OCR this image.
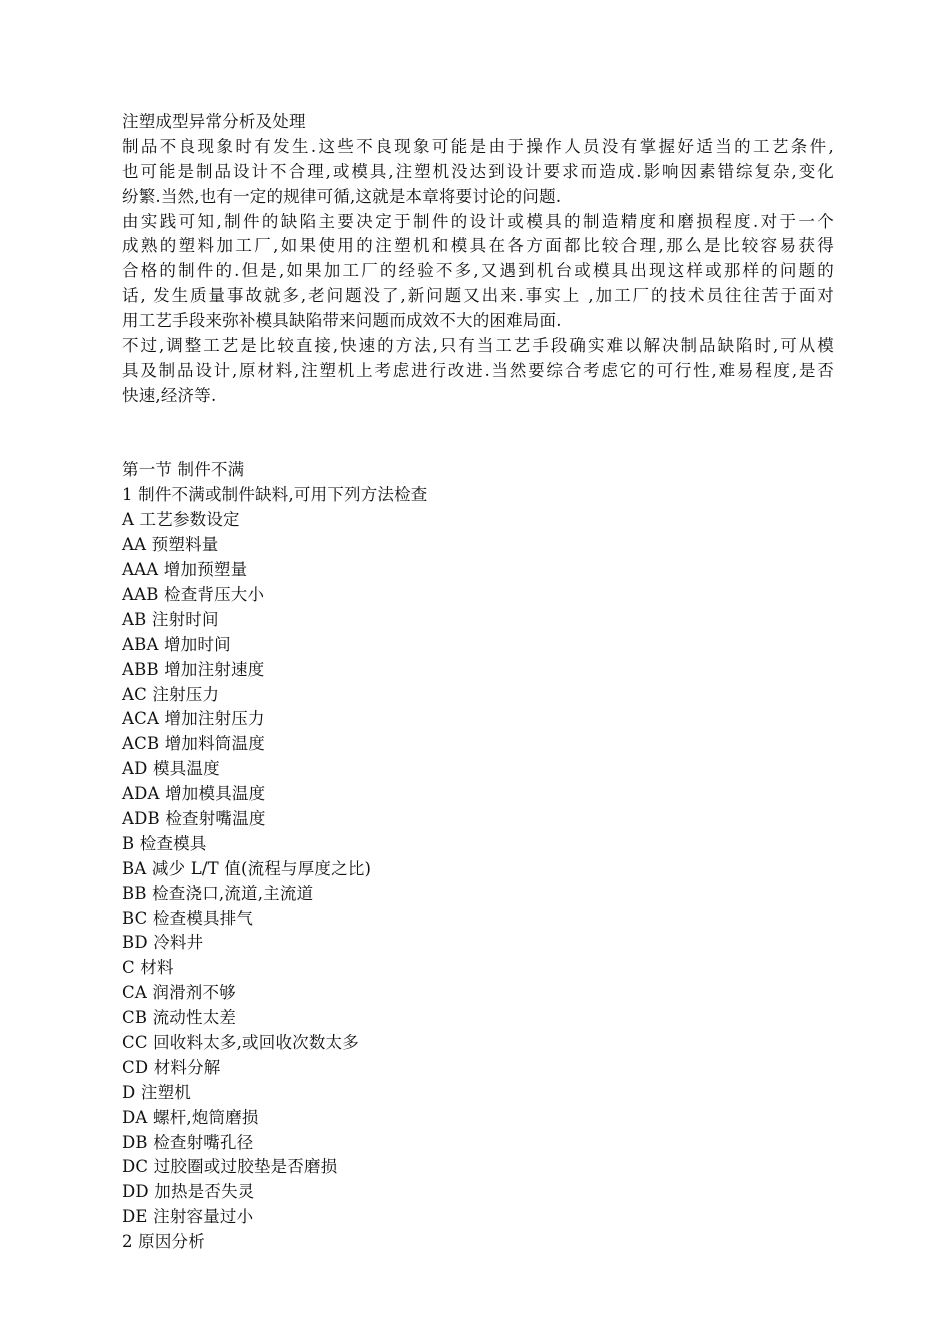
注塑成型异常分析及处理
制品不良现象时有发生.这些不良现象可能是由于操作人员没有掌握好适当的工艺条件,
也可能是制品设计不合理,或模具,注塑机没达到设计要求而造成.影响因素错综复杂,变化
纷繁.当然,也有一定的规律可循,这就是本章将要讨论的问题.
由实践可知,制件的缺陷主要决定于制件的设计或模具的制造精度和磨损程度.对于一个
成熟的塑料加工厂,如果使用的注塑机和模具在各方面都比较合理,那么是比较容易获得
合格的制件的.但是,如果加工厂的经验不多,又遇到机台或模具出现这样或那样的问题的
话, 发生质量事故就多,老问题没了,新问题又出来.事实上 ,加工厂的技术员往往苦于面对
用工艺手段来弥补模具缺陷带来问题而成效不大的困难局面.
不过,调整工艺是比较直接,快速的方法,只有当工艺手段确实难以解决制品缺陷时,可从模
具及制品设计,原材料,注塑机上考虑进行改进.当然要综合考虑它的可行性,难易程度,是否
快速,经济等.
第一节 制件不满
1 制件不满或制件缺料,可用下列方法检查
A 工艺参数设定
AA 预塑料量
AAA 增加预塑量
AAB 检查背压大小
AB 注射时间
ABA 增加时间
ABB 增加注射速度
AC 注射压力
ACA 增加注射压力
ACB 增加料筒温度
AD 模具温度
ADA 增加模具温度
ADB 检查射嘴温度
B 检查模具
BA 减少 L/T 值(流程与厚度之比)
BB 检查浇口,流道,主流道
BC 检查模具排气
BD 冷料井
C 材料
CA 润滑剂不够
CB 流动性太差
CC 回收料太多,或回收次数太多
CD 材料分解
D 注塑机
DA 螺杆,炮筒磨损
DB 检查射嘴孔径
DC 过胶圈或过胶垫是否磨损
DD 加热是否失灵
DE 注射容量过小
2 原因分析
